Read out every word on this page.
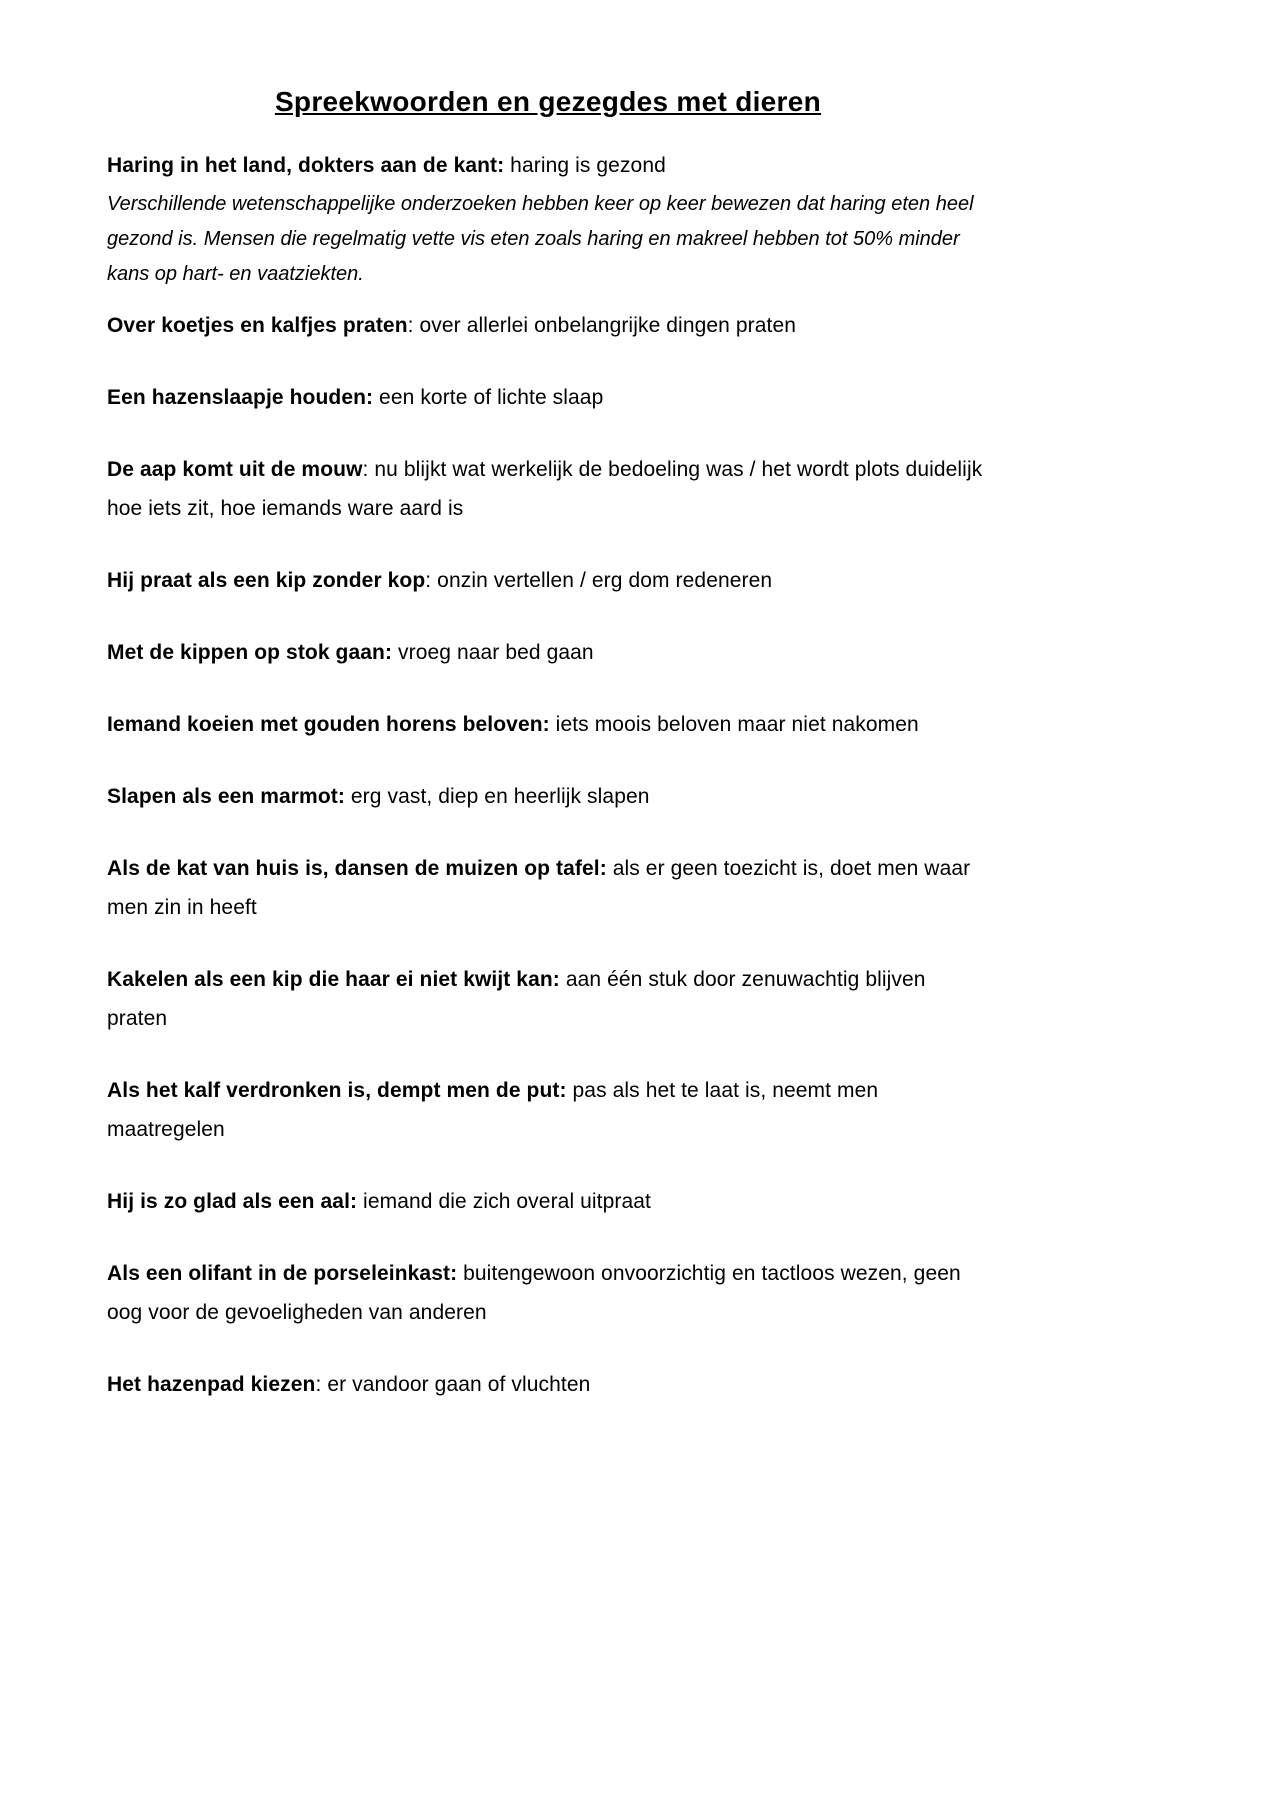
Spreekwoorden en gezegdes met dieren

Haring in het land, dokters aan de kant: haring is gezond

Verschillende wetenschappelijke onderzoeken hebben keer op keer bewezen dat haring eten heel gezond is. Mensen die regelmatig vette vis eten zoals haring en makreel hebben tot 50% minder kans op hart- en vaatziekten.

Over koetjes en kalfjes praten: over allerlei onbelangrijke dingen praten

Een hazenslaapje houden: een korte of lichte slaap

De aap komt uit de mouw: nu blijkt wat werkelijk de bedoeling was / het wordt plots duidelijk hoe iets zit, hoe iemands ware aard is

Hij praat als een kip zonder kop: onzin vertellen / erg dom redeneren

Met de kippen op stok gaan: vroeg naar bed gaan

Iemand koeien met gouden horens beloven: iets moois beloven maar niet nakomen

Slapen als een marmot: erg vast, diep en heerlijk slapen

Als de kat van huis is, dansen de muizen op tafel: als er geen toezicht is, doet men waar men zin in heeft

Kakelen als een kip die haar ei niet kwijt kan: aan één stuk door zenuwachtig blijven praten

Als het kalf verdronken is, dempt men de put: pas als het te laat is, neemt men maatregelen

Hij is zo glad als een aal: iemand die zich overal uitpraat

Als een olifant in de porseleinkast: buitengewoon onvoorzichtig en tactloos wezen, geen oog voor de gevoeligheden van anderen

Het hazenpad kiezen: er vandoor gaan of vluchten
